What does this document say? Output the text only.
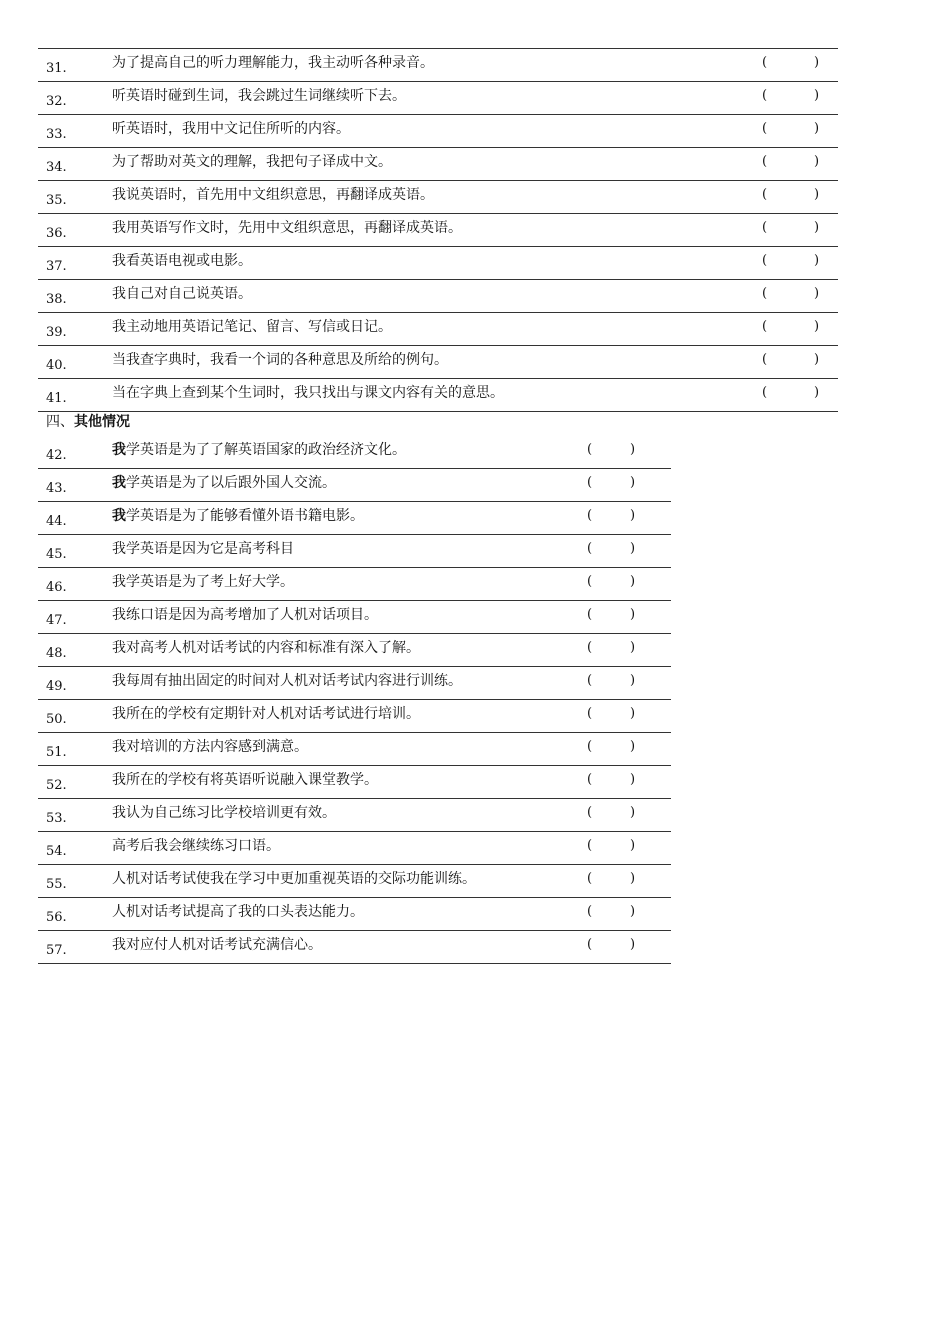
31.	为了提高自己的听力理解能力，我主动听各种录音。	(	)
32.	听英语时碰到生词，我会跳过生词继续听下去。	(	)
33.	听英语时，我用中文记住所听的内容。	(	)
34.	为了帮助对英文的理解，我把句子译成中文。	(	)
35.	我说英语时，首先用中文组织意思，再翻译成英语。	(	)
36.	我用英语写作文时，先用中文组织意思，再翻译成英语。	(	)
37.	我看英语电视或电影。	(	)
38.	我自己对自己说英语。	(	)
39.	我主动地用英语记笔记、留言、写信或日记。	(	)
40.	当我查字典时，我看一个词的各种意思及所给的例句。	(	)
41.	当在字典上查到某个生词时，我只找出与课文内容有关的意思。	(	)
四、其他情况
42.	我学英语是为了了解英语国家的政治经济文化。	(	)
43.	我学英语是为了以后跟外国人交流。	(	)
44.	我学英语是为了能够看懂外语书籍电影。	(	)
45.	我学英语是因为它是高考科目	(	)
46.	我学英语是为了考上好大学。	(	)
47.	我练口语是因为高考增加了人机对话项目。	(	)
48.	我对高考人机对话考试的内容和标准有深入了解。	(	)
49.	我每周有抽出固定的时间对人机对话考试内容进行训练。	(	)
50.	我所在的学校有定期针对人机对话考试进行培训。	(	)
51.	我对培训的方法内容感到满意。	(	)
52.	我所在的学校有将英语听说融入课堂教学。	(	)
53.	我认为自己练习比学校培训更有效。	(	)
54.	高考后我会继续练习口语。	(	)
55.	人机对话考试使我在学习中更加重视英语的交际功能训练。	(	)
56.	人机对话考试提高了我的口头表达能力。	(	)
57.	我对应付人机对话考试充满信心。	(	)
